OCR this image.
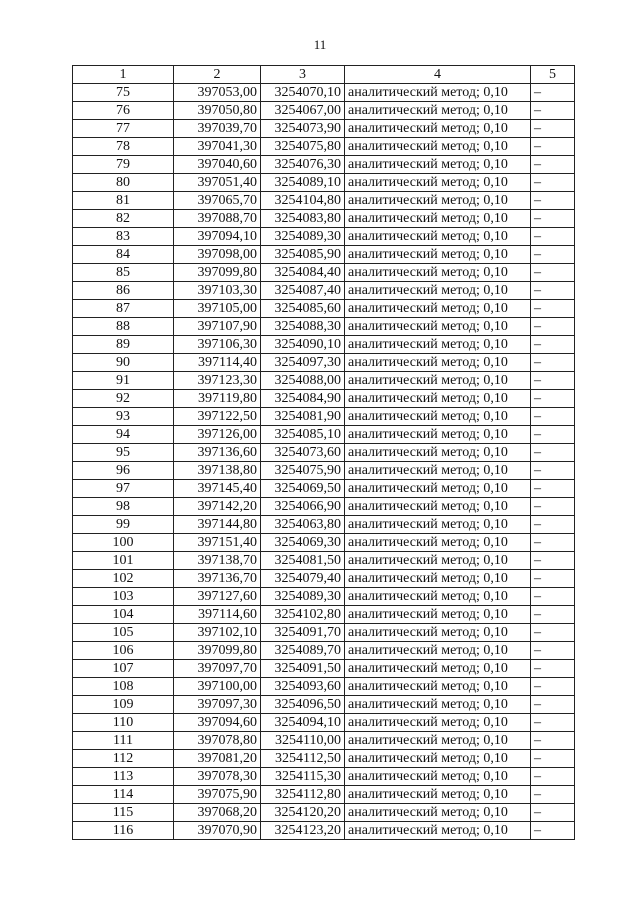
11
1	2	3	4	5
75	397053,00	3254070,10	аналитический метод; 0,10	–
76	397050,80	3254067,00	аналитический метод; 0,10	–
77	397039,70	3254073,90	аналитический метод; 0,10	–
78	397041,30	3254075,80	аналитический метод; 0,10	–
79	397040,60	3254076,30	аналитический метод; 0,10	–
80	397051,40	3254089,10	аналитический метод; 0,10	–
81	397065,70	3254104,80	аналитический метод; 0,10	–
82	397088,70	3254083,80	аналитический метод; 0,10	–
83	397094,10	3254089,30	аналитический метод; 0,10	–
84	397098,00	3254085,90	аналитический метод; 0,10	–
85	397099,80	3254084,40	аналитический метод; 0,10	–
86	397103,30	3254087,40	аналитический метод; 0,10	–
87	397105,00	3254085,60	аналитический метод; 0,10	–
88	397107,90	3254088,30	аналитический метод; 0,10	–
89	397106,30	3254090,10	аналитический метод; 0,10	–
90	397114,40	3254097,30	аналитический метод; 0,10	–
91	397123,30	3254088,00	аналитический метод; 0,10	–
92	397119,80	3254084,90	аналитический метод; 0,10	–
93	397122,50	3254081,90	аналитический метод; 0,10	–
94	397126,00	3254085,10	аналитический метод; 0,10	–
95	397136,60	3254073,60	аналитический метод; 0,10	–
96	397138,80	3254075,90	аналитический метод; 0,10	–
97	397145,40	3254069,50	аналитический метод; 0,10	–
98	397142,20	3254066,90	аналитический метод; 0,10	–
99	397144,80	3254063,80	аналитический метод; 0,10	–
100	397151,40	3254069,30	аналитический метод; 0,10	–
101	397138,70	3254081,50	аналитический метод; 0,10	–
102	397136,70	3254079,40	аналитический метод; 0,10	–
103	397127,60	3254089,30	аналитический метод; 0,10	–
104	397114,60	3254102,80	аналитический метод; 0,10	–
105	397102,10	3254091,70	аналитический метод; 0,10	–
106	397099,80	3254089,70	аналитический метод; 0,10	–
107	397097,70	3254091,50	аналитический метод; 0,10	–
108	397100,00	3254093,60	аналитический метод; 0,10	–
109	397097,30	3254096,50	аналитический метод; 0,10	–
110	397094,60	3254094,10	аналитический метод; 0,10	–
111	397078,80	3254110,00	аналитический метод; 0,10	–
112	397081,20	3254112,50	аналитический метод; 0,10	–
113	397078,30	3254115,30	аналитический метод; 0,10	–
114	397075,90	3254112,80	аналитический метод; 0,10	–
115	397068,20	3254120,20	аналитический метод; 0,10	–
116	397070,90	3254123,20	аналитический метод; 0,10	–
